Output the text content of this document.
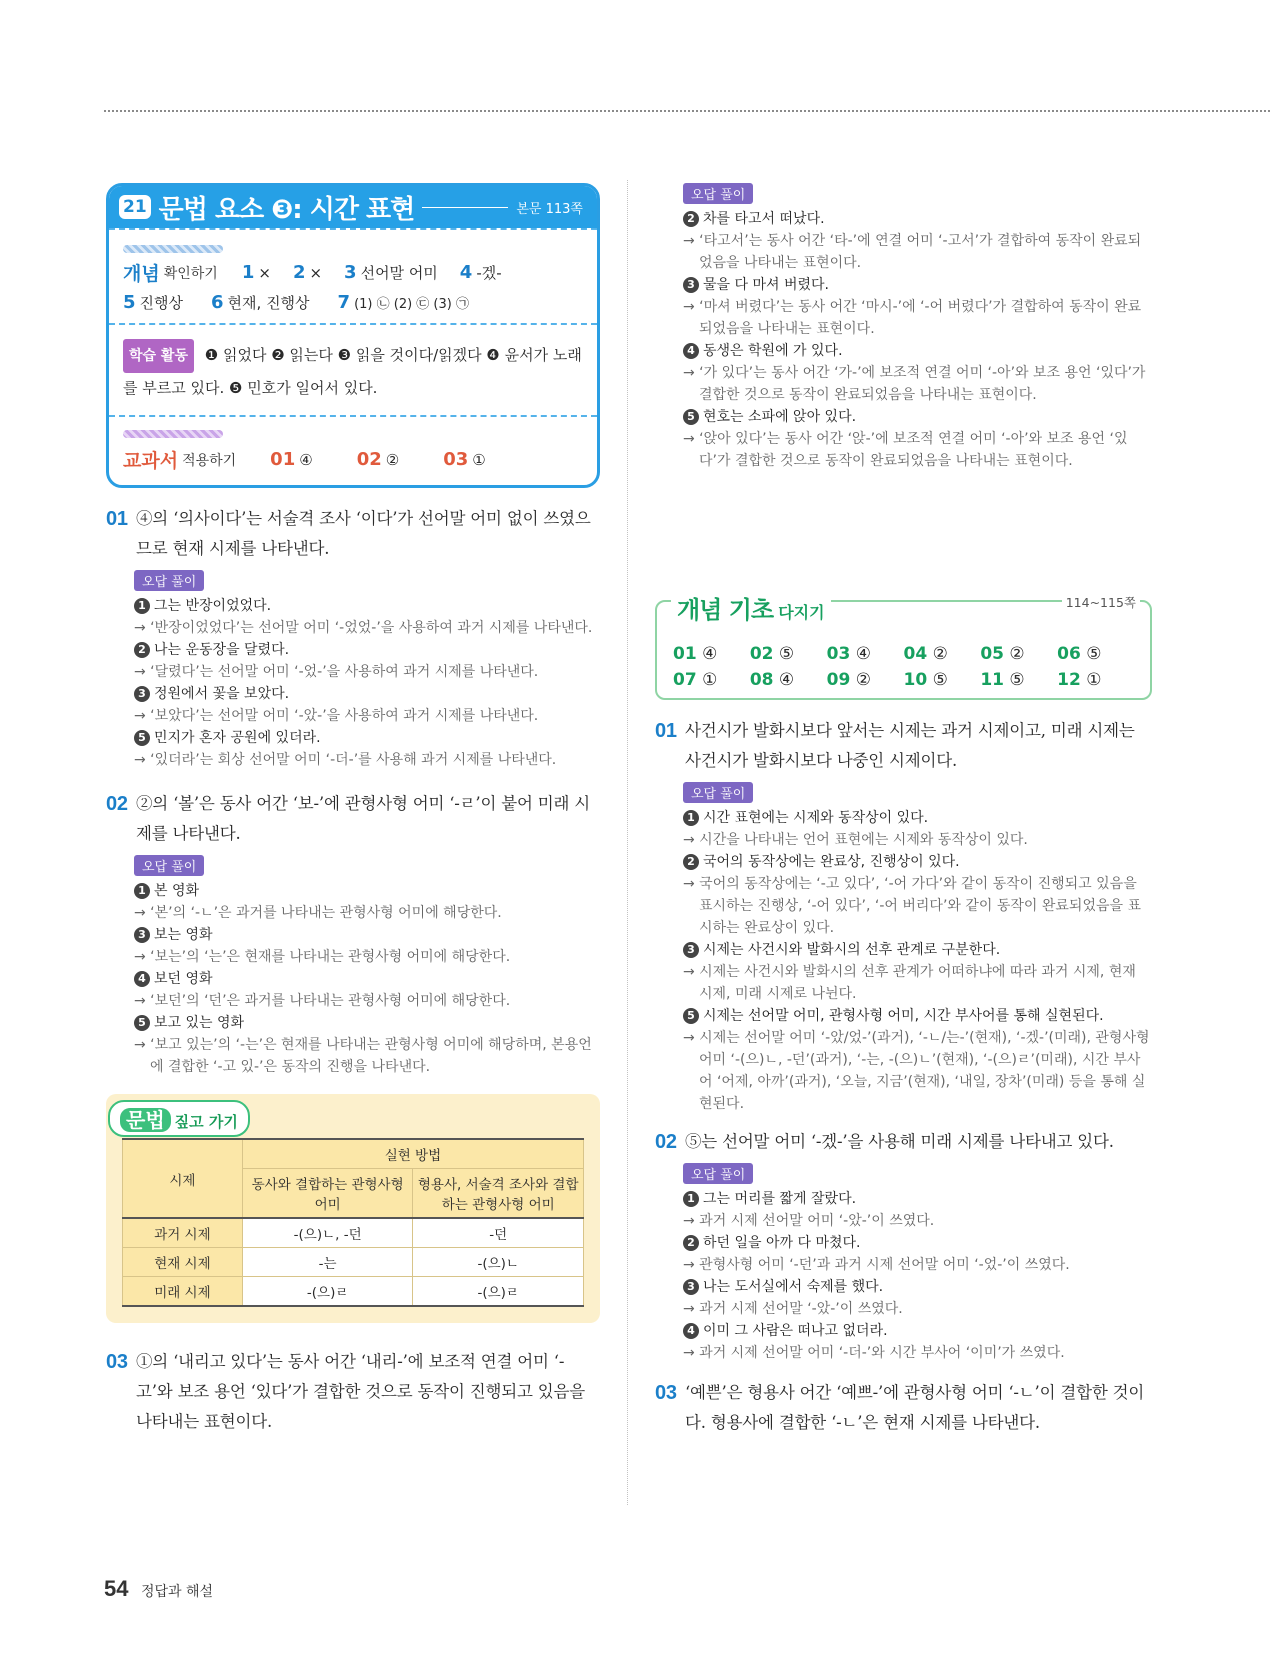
21 문법 요소 ❸: 시간 표현	본문 113쪽
개념 확인하기 1 × 2 × 3 선어말 어미 4 -겠-
5 진행상 6 현재, 진행상 7 (1) ㉡ (2) ㉢ (3) ㉠
학습 활동 ❶ 읽었다 ❷ 읽는다 ❸ 읽을 것이다/읽겠다 ❹ 윤서가 노래를 부르고 있다. ❺ 민호가 일어서 있다.
교과서 적용하기 01 ④ 02 ② 03 ①
01 ④의 ‘의사이다’는 서술격 조사 ‘이다’가 선어말 어미 없이 쓰였으므로 현재 시제를 나타낸다.
오답 풀이
1 그는 반장이었었다.
→ ‘반장이었었다’는 선어말 어미 ‘-었었-’을 사용하여 과거 시제를 나타낸다.
2 나는 운동장을 달렸다.
→ ‘달렸다’는 선어말 어미 ‘-었-’을 사용하여 과거 시제를 나타낸다.
3 정원에서 꽃을 보았다.
→ ‘보았다’는 선어말 어미 ‘-았-’을 사용하여 과거 시제를 나타낸다.
5 민지가 혼자 공원에 있더라.
→ ‘있더라’는 회상 선어말 어미 ‘-더-’를 사용해 과거 시제를 나타낸다.
02 ②의 ‘볼’은 동사 어간 ‘보-’에 관형사형 어미 ‘-ㄹ’이 붙어 미래 시제를 나타낸다.
오답 풀이
1 본 영화
→ ‘본’의 ‘-ㄴ’은 과거를 나타내는 관형사형 어미에 해당한다.
3 보는 영화
→ ‘보는’의 ‘는’은 현재를 나타내는 관형사형 어미에 해당한다.
4 보던 영화
→ ‘보던’의 ‘던’은 과거를 나타내는 관형사형 어미에 해당한다.
5 보고 있는 영화
→ ‘보고 있는’의 ‘-는’은 현재를 나타내는 관형사형 어미에 해당하며, 본용언에 결합한 ‘-고 있-’은 동작의 진행을 나타낸다.
문법 짚고 가기
시제	실현 방법	
	동사와 결합하는 관형사형 어미	형용사, 서술격 조사와 결합하는 관형사형 어미
과거 시제	-(으)ㄴ, -던	-던
현재 시제	-는	-(으)ㄴ
미래 시제	-(으)ㄹ	-(으)ㄹ
03 ①의 ‘내리고 있다’는 동사 어간 ‘내리-’에 보조적 연결 어미 ‘-고’와 보조 용언 ‘있다’가 결합한 것으로 동작이 진행되고 있음을 나타내는 표현이다.
오답 풀이
2 차를 타고서 떠났다.
→ ‘타고서’는 동사 어간 ‘타-’에 연결 어미 ‘-고서’가 결합하여 동작이 완료되었음을 나타내는 표현이다.
3 물을 다 마셔 버렸다.
→ ‘마셔 버렸다’는 동사 어간 ‘마시-’에 ‘-어 버렸다’가 결합하여 동작이 완료되었음을 나타내는 표현이다.
4 동생은 학원에 가 있다.
→ ‘가 있다’는 동사 어간 ‘가-’에 보조적 연결 어미 ‘-아’와 보조 용언 ‘있다’가 결합한 것으로 동작이 완료되었음을 나타내는 표현이다.
5 현호는 소파에 앉아 있다.
→ ‘앉아 있다’는 동사 어간 ‘앉-’에 보조적 연결 어미 ‘-아’와 보조 용언 ‘있다’가 결합한 것으로 동작이 완료되었음을 나타내는 표현이다.
개념 기초 다지기
114~115쪽
01 ④	02 ⑤	03 ④	04 ②	05 ②	06 ⑤
07 ①	08 ④	09 ②	10 ⑤	11 ⑤	12 ①
01 사건시가 발화시보다 앞서는 시제는 과거 시제이고, 미래 시제는 사건시가 발화시보다 나중인 시제이다.
오답 풀이
1 시간 표현에는 시제와 동작상이 있다.
→ 시간을 나타내는 언어 표현에는 시제와 동작상이 있다.
2 국어의 동작상에는 완료상, 진행상이 있다.
→ 국어의 동작상에는 ‘-고 있다’, ‘-어 가다’와 같이 동작이 진행되고 있음을 표시하는 진행상, ‘-어 있다’, ‘-어 버리다’와 같이 동작이 완료되었음을 표시하는 완료상이 있다.
3 시제는 사건시와 발화시의 선후 관계로 구분한다.
→ 시제는 사건시와 발화시의 선후 관계가 어떠하냐에 따라 과거 시제, 현재 시제, 미래 시제로 나뉜다.
5 시제는 선어말 어미, 관형사형 어미, 시간 부사어를 통해 실현된다.
→ 시제는 선어말 어미 ‘-았/었-’(과거), ‘-ㄴ/는-’(현재), ‘-겠-’(미래), 관형사형 어미 ‘-(으)ㄴ, -던’(과거), ‘-는, -(으)ㄴ’(현재), ‘-(으)ㄹ’(미래), 시간 부사어 ‘어제, 아까’(과거), ‘오늘, 지금’(현재), ‘내일, 장차’(미래) 등을 통해 실현된다.
02 ⑤는 선어말 어미 ‘-겠-’을 사용해 미래 시제를 나타내고 있다.
오답 풀이
1 그는 머리를 짧게 잘랐다.
→ 과거 시제 선어말 어미 ‘-았-’이 쓰였다.
2 하던 일을 아까 다 마쳤다.
→ 관형사형 어미 ‘-던’과 과거 시제 선어말 어미 ‘-었-’이 쓰였다.
3 나는 도서실에서 숙제를 했다.
→ 과거 시제 선어말 ‘-았-’이 쓰였다.
4 이미 그 사람은 떠나고 없더라.
→ 과거 시제 선어말 어미 ‘-더-’와 시간 부사어 ‘이미’가 쓰였다.
03 ‘예쁜’은 형용사 어간 ‘예쁘-’에 관형사형 어미 ‘-ㄴ’이 결합한 것이다. 형용사에 결합한 ‘-ㄴ’은 현재 시제를 나타낸다.
54 정답과 해설
